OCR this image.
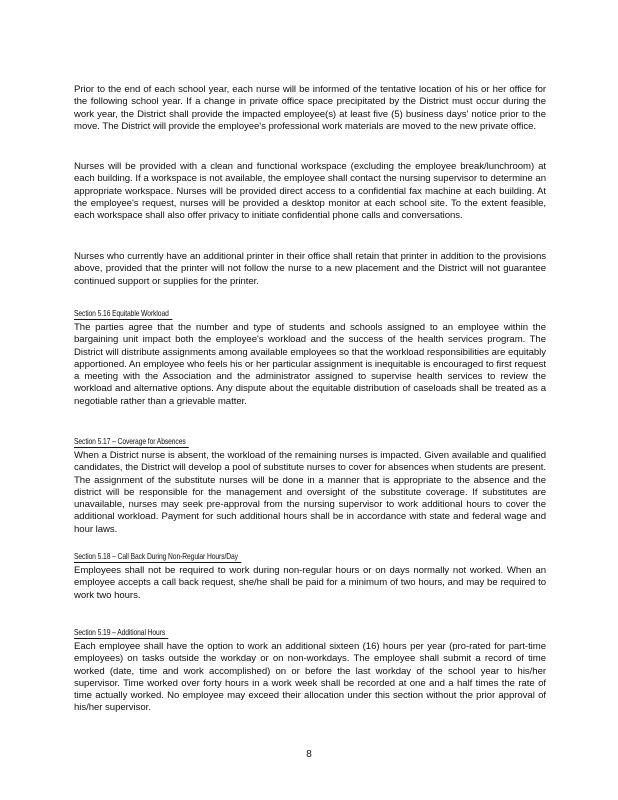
Prior to the end of each school year, each nurse will be informed of the tentative location of his or her office for the following school year. If a change in private office space precipitated by the District must occur during the work year, the District shall provide the impacted employee(s) at least five (5) business days' notice prior to the move. The District will provide the employee's professional work materials are moved to the new private office.

Nurses will be provided with a clean and functional workspace (excluding the employee break/lunchroom) at each building. If a workspace is not available, the employee shall contact the nursing supervisor to determine an appropriate workspace. Nurses will be provided direct access to a confidential fax machine at each building. At the employee's request, nurses will be provided a desktop monitor at each school site. To the extent feasible, each workspace shall also offer privacy to initiate confidential phone calls and conversations.

Nurses who currently have an additional printer in their office shall retain that printer in addition to the provisions above, provided that the printer will not follow the nurse to a new placement and the District will not guarantee continued support or supplies for the printer.

Section 5.16 Equitable Workload

The parties agree that the number and type of students and schools assigned to an employee within the bargaining unit impact both the employee's workload and the success of the health services program. The District will distribute assignments among available employees so that the workload responsibilities are equitably apportioned. An employee who feels his or her particular assignment is inequitable is encouraged to first request a meeting with the Association and the administrator assigned to supervise health services to review the workload and alternative options. Any dispute about the equitable distribution of caseloads shall be treated as a negotiable rather than a grievable matter.

Section 5.17 – Coverage for Absences

When a District nurse is absent, the workload of the remaining nurses is impacted. Given available and qualified candidates, the District will develop a pool of substitute nurses to cover for absences when students are present. The assignment of the substitute nurses will be done in a manner that is appropriate to the absence and the district will be responsible for the management and oversight of the substitute coverage. If substitutes are unavailable, nurses may seek pre-approval from the nursing supervisor to work additional hours to cover the additional workload. Payment for such additional hours shall be in accordance with state and federal wage and hour laws.

Section 5.18 – Call Back During Non-Regular Hours/Day

Employees shall not be required to work during non-regular hours or on days normally not worked. When an employee accepts a call back request, she/he shall be paid for a minimum of two hours, and may be required to work two hours.

Section 5.19 – Additional Hours

Each employee shall have the option to work an additional sixteen (16) hours per year (pro-rated for part-time employees) on tasks outside the workday or on non-workdays. The employee shall submit a record of time worked (date, time and work accomplished) on or before the last workday of the school year to his/her supervisor. Time worked over forty hours in a work week shall be recorded at one and a half times the rate of time actually worked. No employee may exceed their allocation under this section without the prior approval of his/her supervisor.

8
